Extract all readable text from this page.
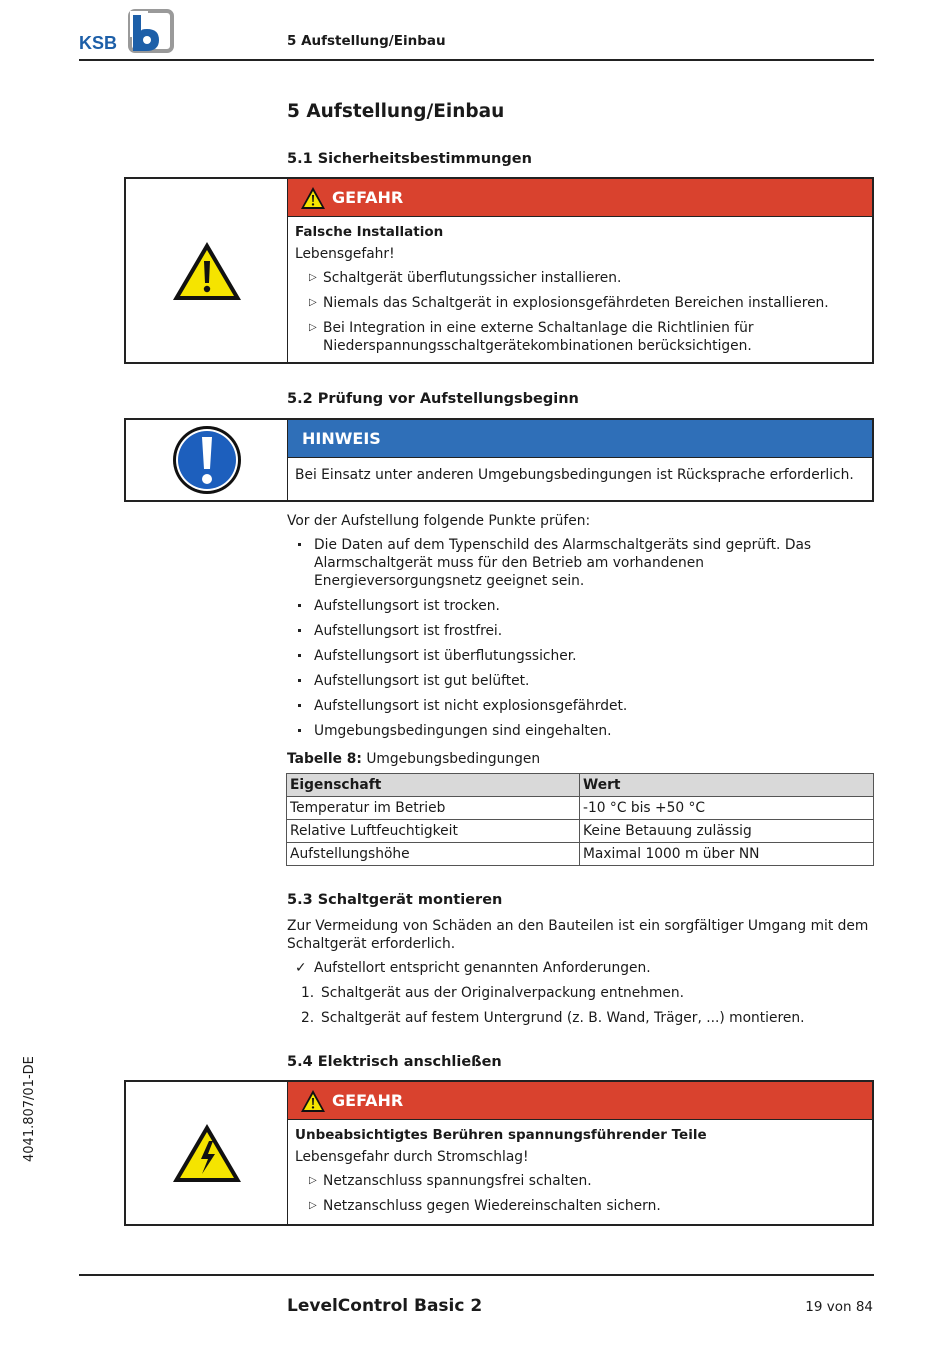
KSB	5 Aufstellung/Einbau
5 Aufstellung/Einbau
5.1 Sicherheitsbestimmungen
GEFAHR
Falsche Installation
Lebensgefahr!
▷ Schaltgerät überflutungssicher installieren.
▷ Niemals das Schaltgerät in explosionsgefährdeten Bereichen installieren.
▷ Bei Integration in eine externe Schaltanlage die Richtlinien für Niederspannungsschaltgerätekombinationen berücksichtigen.
5.2 Prüfung vor Aufstellungsbeginn
HINWEIS
Bei Einsatz unter anderen Umgebungsbedingungen ist Rücksprache erforderlich.
Vor der Aufstellung folgende Punkte prüfen:
Die Daten auf dem Typenschild des Alarmschaltgeräts sind geprüft. Das Alarmschaltgerät muss für den Betrieb am vorhandenen Energieversorgungsnetz geeignet sein.
Aufstellungsort ist trocken.
Aufstellungsort ist frostfrei.
Aufstellungsort ist überflutungssicher.
Aufstellungsort ist gut belüftet.
Aufstellungsort ist nicht explosionsgefährdet.
Umgebungsbedingungen sind eingehalten.
Tabelle 8: Umgebungsbedingungen
Eigenschaft	Wert
Temperatur im Betrieb	-10 °C bis +50 °C
Relative Luftfeuchtigkeit	Keine Betauung zulässig
Aufstellungshöhe	Maximal 1000 m über NN
5.3 Schaltgerät montieren
Zur Vermeidung von Schäden an den Bauteilen ist ein sorgfältiger Umgang mit dem Schaltgerät erforderlich.
✓ Aufstellort entspricht genannten Anforderungen.
1. Schaltgerät aus der Originalverpackung entnehmen.
2. Schaltgerät auf festem Untergrund (z. B. Wand, Träger, ...) montieren.
5.4 Elektrisch anschließen
GEFAHR
Unbeabsichtigtes Berühren spannungsführender Teile
Lebensgefahr durch Stromschlag!
▷ Netzanschluss spannungsfrei schalten.
▷ Netzanschluss gegen Wiedereinschalten sichern.
4041.807/01-DE
LevelControl Basic 2	19 von 84
